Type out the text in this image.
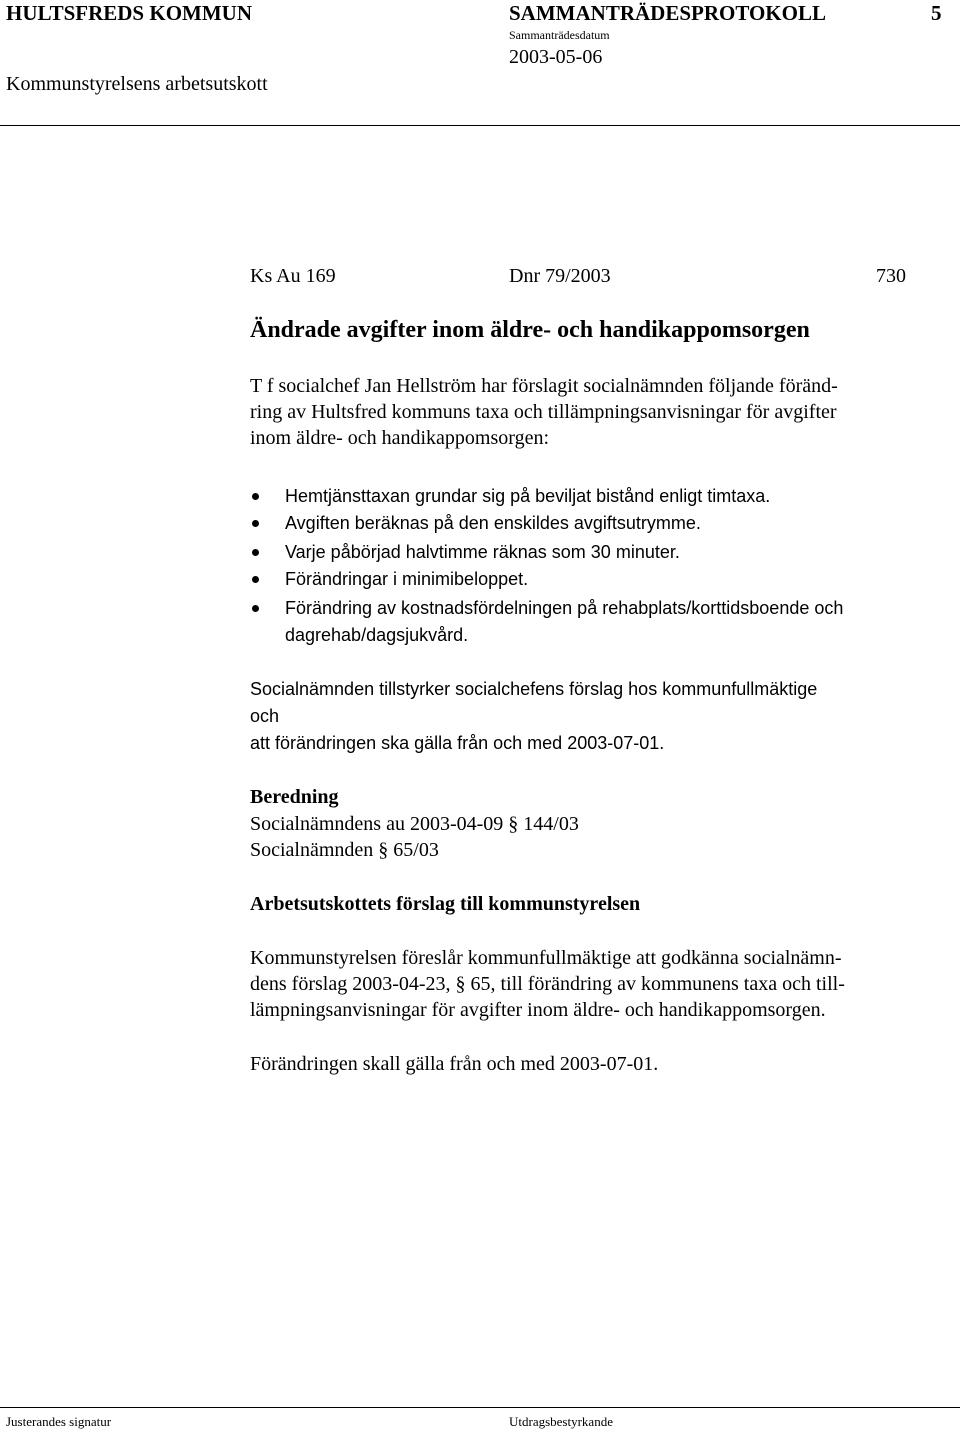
HULTSFREDS KOMMUN	SAMMANTRÄDESPROTOKOLL	5
Sammanträdesdatum
Kommunstyrelsens arbetsutskott
2003-05-06
Ks Au 169	Dnr 79/2003	730
Ändrade avgifter inom äldre- och handikappomsorgen
T f socialchef Jan Hellström har förslagit socialnämnden följande föränd-
ring av Hultsfred kommuns taxa och tillämpningsanvisningar för avgifter
inom äldre- och handikappomsorgen:
Hemtjänsttaxan grundar sig på beviljat bistånd enligt timtaxa.
Avgiften beräknas på den enskildes avgiftsutrymme.
Varje påbörjad halvtimme räknas som 30 minuter.
Förändringar i minimibeloppet.
Förändring av kostnadsfördelningen på rehabplats/korttidsboende och
dagrehab/dagsjukvård.
Socialnämnden tillstyrker socialchefens förslag hos kommunfullmäktige
och
att förändringen ska gälla från och med 2003-07-01.
Beredning
Socialnämndens au 2003-04-09 § 144/03
Socialnämnden § 65/03
Arbetsutskottets förslag till kommunstyrelsen
Kommunstyrelsen föreslår kommunfullmäktige att godkänna socialnämn-
dens förslag 2003-04-23, § 65, till förändring av kommunens taxa och till-
lämpningsanvisningar för avgifter inom äldre- och handikappomsorgen.
Förändringen skall gälla från och med 2003-07-01.
Justerandes signatur	Utdragsbestyrkande
